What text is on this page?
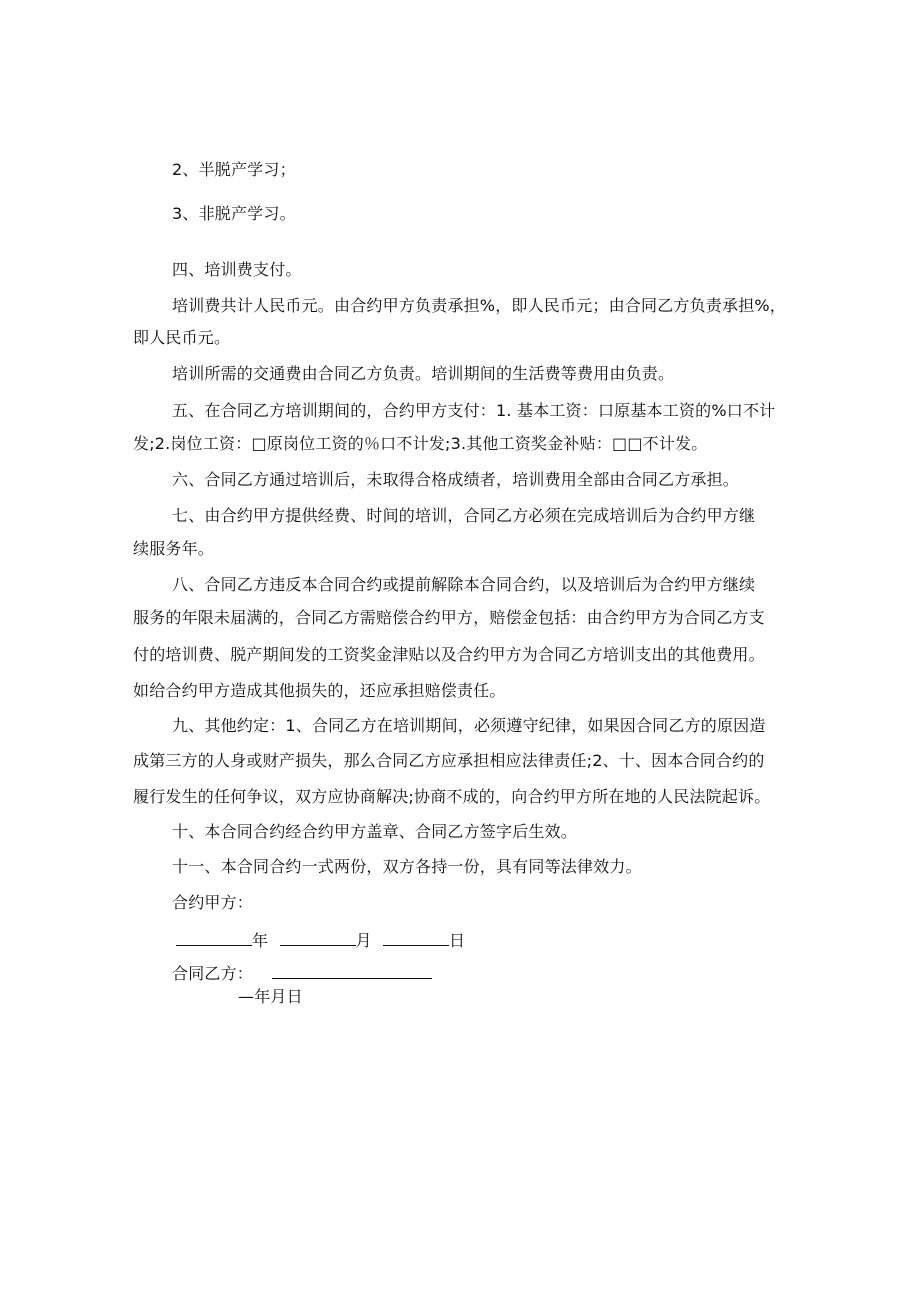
2、半脱产学习；
3、非脱产学习。
四、培训费支付。
培训费共计人民币元。由合约甲方负责承担%，即人民币元；由合同乙方负责承担%，
即人民币元。
培训所需的交通费由合同乙方负责。培训期间的生活费等费用由负责。
五、在合同乙方培训期间的，合约甲方支付：1. 基本工资：口原基本工资的%口不计
发;2.岗位工资：□原岗位工资的％口不计发;3.其他工资奖金补贴：□□不计发。
六、合同乙方通过培训后，未取得合格成绩者，培训费用全部由合同乙方承担。
七、由合约甲方提供经费、时间的培训，合同乙方必须在完成培训后为合约甲方继
续服务年。
八、合同乙方违反本合同合约或提前解除本合同合约，以及培训后为合约甲方继续
服务的年限未届满的，合同乙方需赔偿合约甲方，赔偿金包括：由合约甲方为合同乙方支
付的培训费、脱产期间发的工资奖金津贴以及合约甲方为合同乙方培训支出的其他费用。
如给合约甲方造成其他损失的，还应承担赔偿责任。
九、其他约定：1、合同乙方在培训期间，必须遵守纪律，如果因合同乙方的原因造
成第三方的人身或财产损失，那么合同乙方应承担相应法律责任;2、十、因本合同合约的
履行发生的任何争议，双方应协商解决;协商不成的，向合约甲方所在地的人民法院起诉。
十、本合同合约经合约甲方盖章、合同乙方签字后生效。
十一、本合同合约一式两份，双方各持一份，具有同等法律效力。
合约甲方：
年	月	日
合同乙方：
—年月日
